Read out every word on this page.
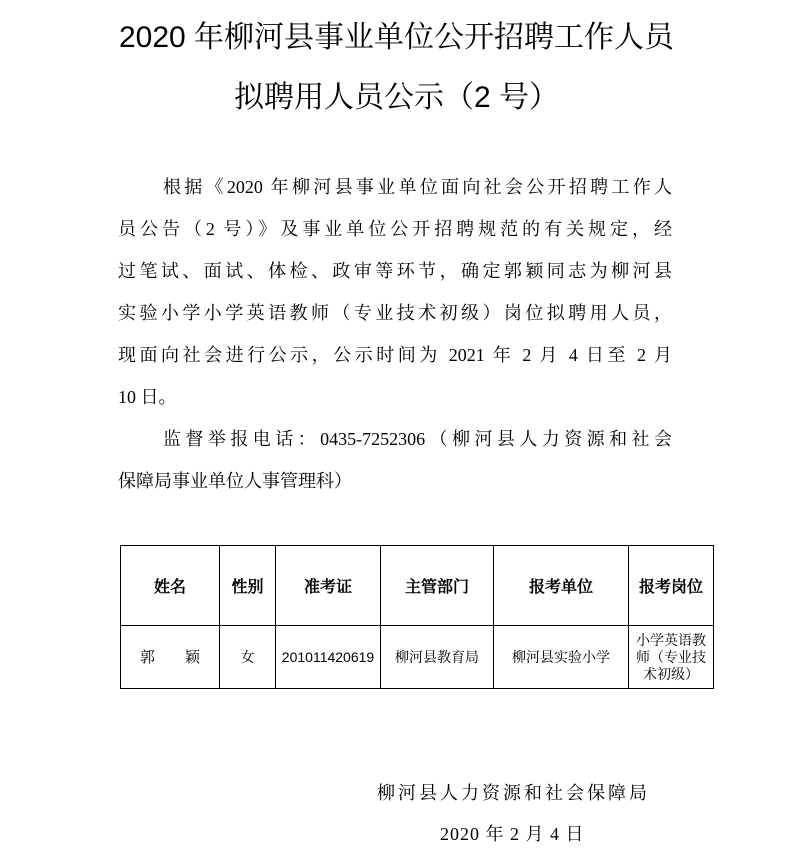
2020 年柳河县事业单位公开招聘工作人员
拟聘用人员公示（2 号）
根据《2020 年柳河县事业单位面向社会公开招聘工作人
员公告（2 号）》及事业单位公开招聘规范的有关规定，经
过笔试、面试、体检、政审等环节，确定郭颖同志为柳河县
实验小学小学英语教师（专业技术初级）岗位拟聘用人员，
现面向社会进行公示，公示时间为 2021 年 2 月 4 日至 2 月
10 日。
监督举报电话：0435-7252306（柳河县人力资源和社会
保障局事业单位人事管理科）
姓名	性别	准考证	主管部门	报考单位	报考岗位
郭　　颖	女	201011420619	柳河县教育局	柳河县实验小学	小学英语教师（专业技术初级）
柳河县人力资源和社会保障局
2020 年 2 月 4 日
